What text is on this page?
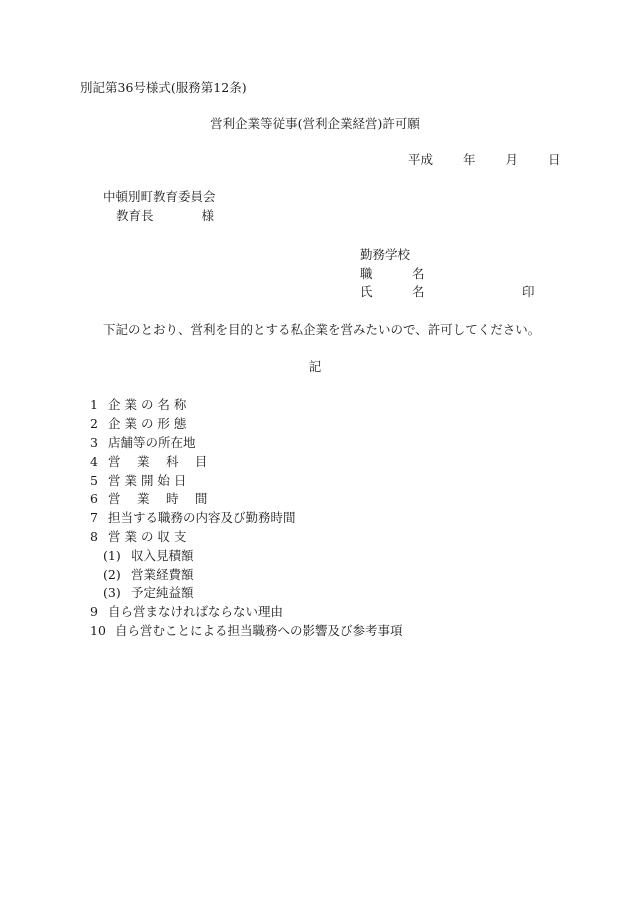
別記第36号様式(服務第12条)
営利企業等従事(営利企業経営)許可願
平成 年 月 日
中頓別町教育委員会
教育長	様
勤務学校
職	名
氏	名	印
下記のとおり、営利を目的とする私企業を営みたいので、許可してください。
記
1 企 業 の 名 称
2 企 業 の 形 態
3 店舗等の所在地
4 営　 業　 科　 目
5 営 業 開 始 日
6 営　 業　 時　 間
7 担当する職務の内容及び勤務時間
8 営 業 の 収 支
(1) 収入見積額
(2) 営業経費額
(3) 予定純益額
9 自ら営まなければならない理由
10 自ら営むことによる担当職務への影響及び参考事項
